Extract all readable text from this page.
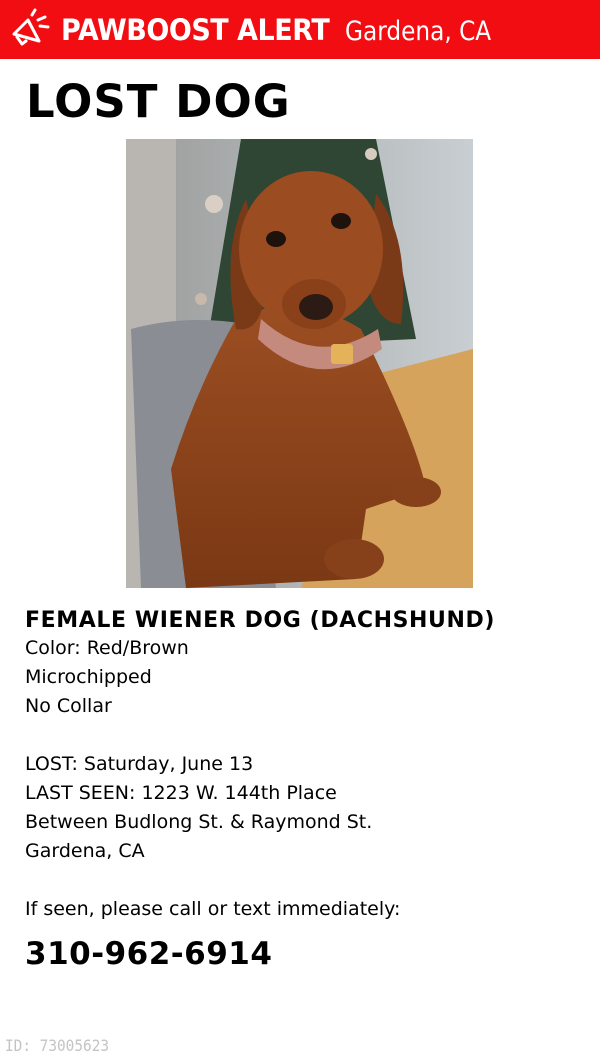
PAWBOOST ALERT Gardena, CA
LOST DOG
FEMALE WIENER DOG (DACHSHUND)
Color: Red/Brown
Microchipped
No Collar
LOST: Saturday, June 13
LAST SEEN: 1223 W. 144th Place
Between Budlong St. & Raymond St.
Gardena, CA
If seen, please call or text immediately:
310-962-6914
ID: 73005623
